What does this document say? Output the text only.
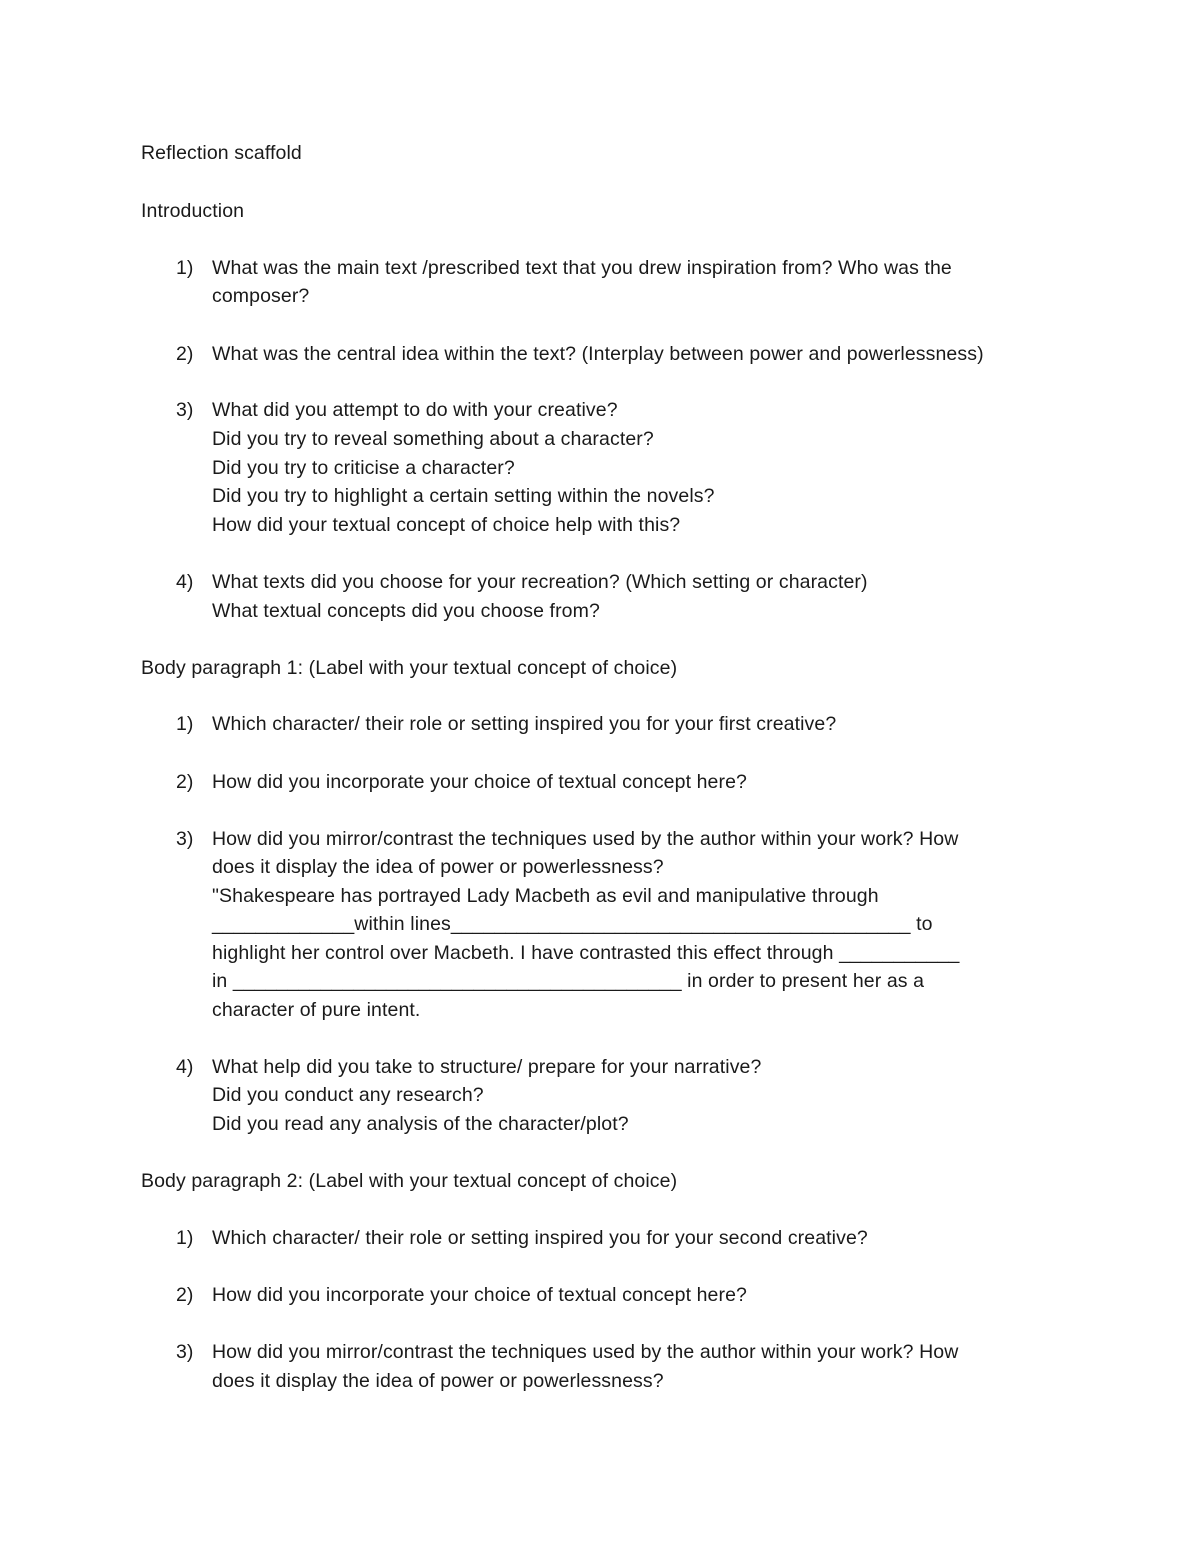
Reflection scaffold
Introduction
1) What was the main text /prescribed text that you drew inspiration from? Who was the
composer?
2) What was the central idea within the text? (Interplay between power and powerlessness)
3) What did you attempt to do with your creative?
Did you try to reveal something about a character?
Did you try to criticise a character?
Did you try to highlight a certain setting within the novels?
How did your textual concept of choice help with this?
4) What texts did you choose for your recreation? (Which setting or character)
What textual concepts did you choose from?
Body paragraph 1: (Label with your textual concept of choice)
1) Which character/ their role or setting inspired you for your first creative?
2) How did you incorporate your choice of textual concept here?
3) How did you mirror/contrast the techniques used by the author within your work? How
does it display the idea of power or powerlessness?
"Shakespeare has portrayed Lady Macbeth as evil and manipulative through
_____________within lines__________________________________________ to
highlight her control over Macbeth. I have contrasted this effect through ___________
in _________________________________________ in order to present her as a
character of pure intent.
4) What help did you take to structure/ prepare for your narrative?
Did you conduct any research?
Did you read any analysis of the character/plot?
Body paragraph 2: (Label with your textual concept of choice)
1) Which character/ their role or setting inspired you for your second creative?
2) How did you incorporate your choice of textual concept here?
3) How did you mirror/contrast the techniques used by the author within your work? How
does it display the idea of power or powerlessness?
